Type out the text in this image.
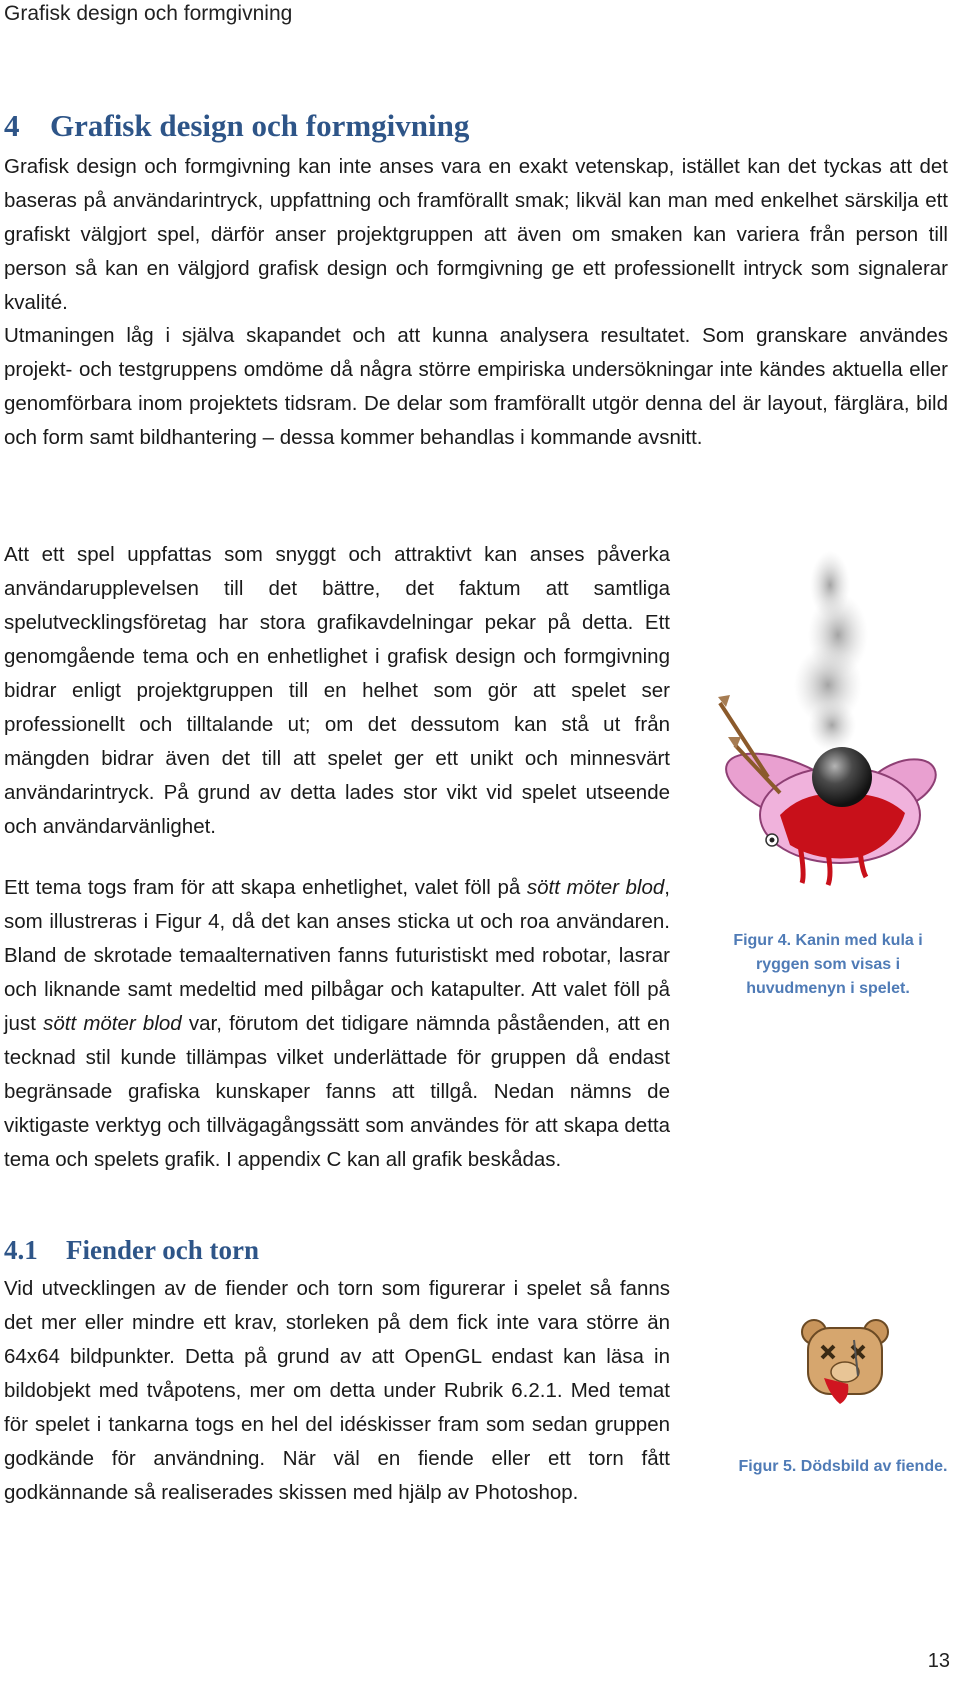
Grafisk design och formgivning
4 Grafisk design och formgivning

Grafisk design och formgivning kan inte anses vara en exakt vetenskap, istället kan det tyckas att det baseras på användarintryck, uppfattning och framförallt smak; likväl kan man med enkelhet särskilja ett grafiskt välgjort spel, därför anser projektgruppen att även om smaken kan variera från person till person så kan en välgjord grafisk design och formgivning ge ett professionellt intryck som signalerar kvalité.

Utmaningen låg i själva skapandet och att kunna analysera resultatet. Som granskare användes projekt- och testgruppens omdöme då några större empiriska undersökningar inte kändes aktuella eller genomförbara inom projektets tidsram. De delar som framförallt utgör denna del är layout, färglära, bild och form samt bildhantering – dessa kommer behandlas i kommande avsnitt.

Att ett spel uppfattas som snyggt och attraktivt kan anses påverka användarupplevelsen till det bättre, det faktum att samtliga spelutvecklingsföretag har stora grafikavdelningar pekar på detta. Ett genomgående tema och en enhetlighet i grafisk design och formgivning bidrar enligt projektgruppen till en helhet som gör att spelet ser professionellt och tilltalande ut; om det dessutom kan stå ut från mängden bidrar även det till att spelet ger ett unikt och minnesvärt användarintryck. På grund av detta lades stor vikt vid spelet utseende och användarvänlighet.

Ett tema togs fram för att skapa enhetlighet, valet föll på sött möter blod, som illustreras i Figur 4, då det kan anses sticka ut och roa användaren. Bland de skrotade temaalternativen fanns futuristiskt med robotar, lasrar och liknande samt medeltid med pilbågar och katapulter. Att valet föll på just sött möter blod var, förutom det tidigare nämnda påståenden, att en tecknad stil kunde tillämpas vilket underlättade för gruppen då endast begränsade grafiska kunskaper fanns att tillgå. Nedan nämns de viktigaste verktyg och tillvägagångssätt som användes för att skapa detta tema och spelets grafik. I appendix C kan all grafik beskådas.

4.1 Fiender och torn

Vid utvecklingen av de fiender och torn som figurerar i spelet så fanns det mer eller mindre ett krav, storleken på dem fick inte vara större än 64x64 bildpunkter. Detta på grund av att OpenGL endast kan läsa in bildobjekt med tvåpotens, mer om detta under Rubrik 6.2.1. Med temat för spelet i tankarna togs en hel del idéskisser fram som sedan gruppen godkände för användning. När väl en fiende eller ett torn fått godkännande så realiserades skissen med hjälp av Photoshop.

Figur 4. Kanin med kula i ryggen som visas i huvudmenyn i spelet.

Figur 5. Dödsbild av fiende.

13
